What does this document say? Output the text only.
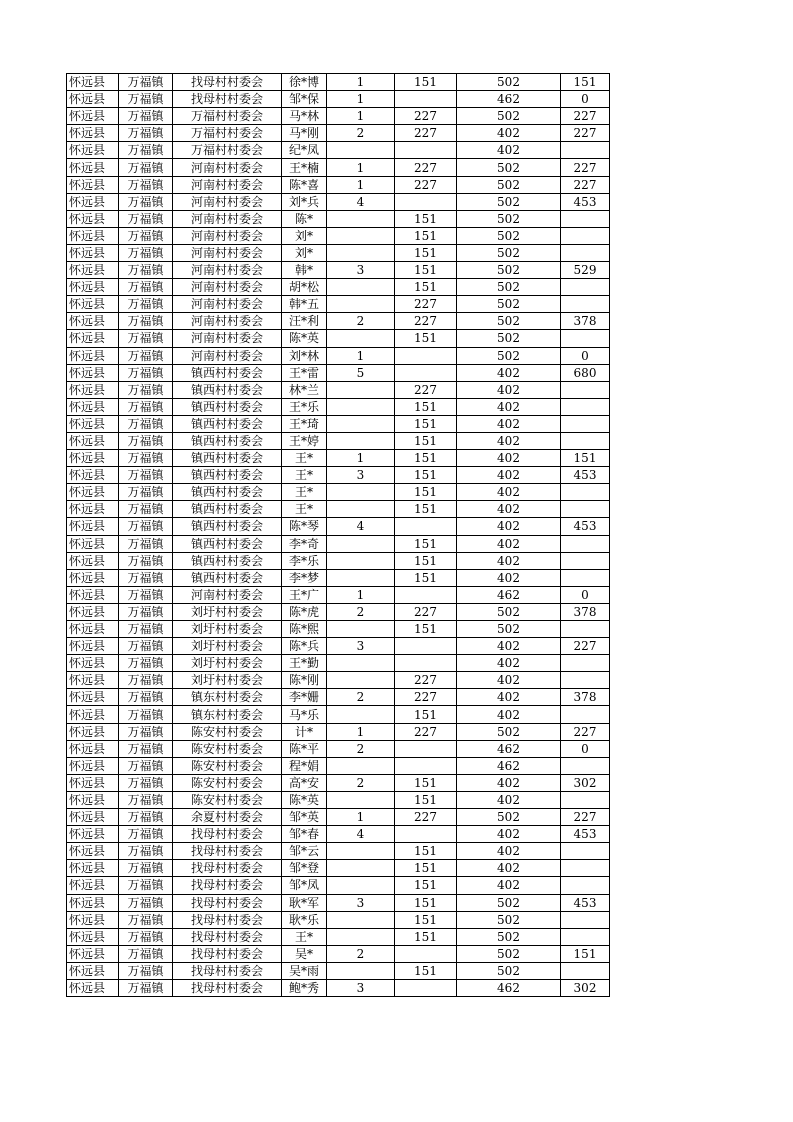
怀远县	万福镇	找母村村委会	徐*博	1	151	502	151
怀远县	万福镇	找母村村委会	邹*保	1		462	0
怀远县	万福镇	万福村村委会	马*林	1	227	502	227
怀远县	万福镇	万福村村委会	马*刚	2	227	402	227
怀远县	万福镇	万福村村委会	纪*凤			402	
怀远县	万福镇	河南村村委会	王*楠	1	227	502	227
怀远县	万福镇	河南村村委会	陈*喜	1	227	502	227
怀远县	万福镇	河南村村委会	刘*兵	4		502	453
怀远县	万福镇	河南村村委会	陈*		151	502	
怀远县	万福镇	河南村村委会	刘*		151	502	
怀远县	万福镇	河南村村委会	刘*		151	502	
怀远县	万福镇	河南村村委会	韩*	3	151	502	529
怀远县	万福镇	河南村村委会	胡*松		151	502	
怀远县	万福镇	河南村村委会	韩*五		227	502	
怀远县	万福镇	河南村村委会	汪*利	2	227	502	378
怀远县	万福镇	河南村村委会	陈*英		151	502	
怀远县	万福镇	河南村村委会	刘*林	1		502	0
怀远县	万福镇	镇西村村委会	王*雷	5		402	680
怀远县	万福镇	镇西村村委会	林*兰		227	402	
怀远县	万福镇	镇西村村委会	王*乐		151	402	
怀远县	万福镇	镇西村村委会	王*琦		151	402	
怀远县	万福镇	镇西村村委会	王*婷		151	402	
怀远县	万福镇	镇西村村委会	王*	1	151	402	151
怀远县	万福镇	镇西村村委会	王*	3	151	402	453
怀远县	万福镇	镇西村村委会	王*		151	402	
怀远县	万福镇	镇西村村委会	王*		151	402	
怀远县	万福镇	镇西村村委会	陈*琴	4		402	453
怀远县	万福镇	镇西村村委会	李*奇		151	402	
怀远县	万福镇	镇西村村委会	李*乐		151	402	
怀远县	万福镇	镇西村村委会	李*梦		151	402	
怀远县	万福镇	河南村村委会	王*广	1		462	0
怀远县	万福镇	刘圩村村委会	陈*虎	2	227	502	378
怀远县	万福镇	刘圩村村委会	陈*熙		151	502	
怀远县	万福镇	刘圩村村委会	陈*兵	3		402	227
怀远县	万福镇	刘圩村村委会	王*勤			402	
怀远县	万福镇	刘圩村村委会	陈*刚		227	402	
怀远县	万福镇	镇东村村委会	李*姗	2	227	402	378
怀远县	万福镇	镇东村村委会	马*乐		151	402	
怀远县	万福镇	陈安村村委会	计*	1	227	502	227
怀远县	万福镇	陈安村村委会	陈*平	2		462	0
怀远县	万福镇	陈安村村委会	程*娟			462	
怀远县	万福镇	陈安村村委会	高*安	2	151	402	302
怀远县	万福镇	陈安村村委会	陈*英		151	402	
怀远县	万福镇	余夏村村委会	邹*英	1	227	502	227
怀远县	万福镇	找母村村委会	邹*春	4		402	453
怀远县	万福镇	找母村村委会	邹*云		151	402	
怀远县	万福镇	找母村村委会	邹*登		151	402	
怀远县	万福镇	找母村村委会	邹*凤		151	402	
怀远县	万福镇	找母村村委会	耿*军	3	151	502	453
怀远县	万福镇	找母村村委会	耿*乐		151	502	
怀远县	万福镇	找母村村委会	王*		151	502	
怀远县	万福镇	找母村村委会	吴*	2		502	151
怀远县	万福镇	找母村村委会	吴*雨		151	502	
怀远县	万福镇	找母村村委会	鲍*秀	3		462	302
